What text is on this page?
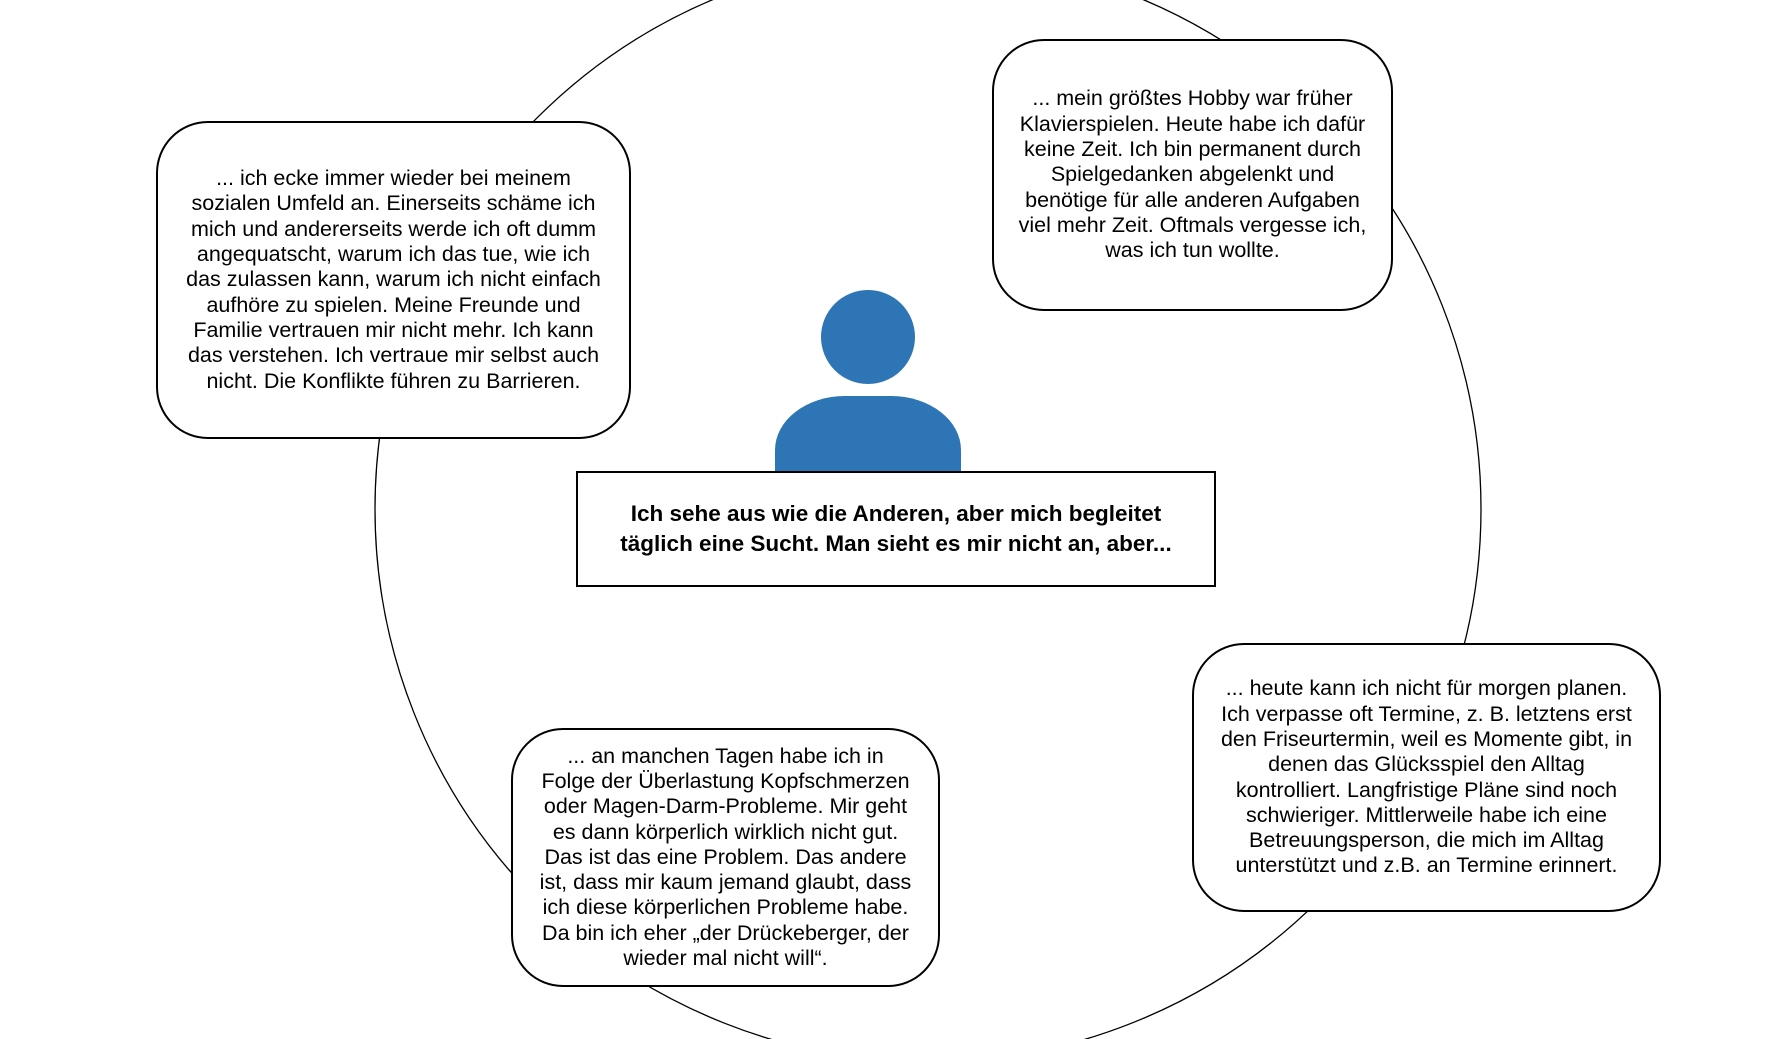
... ich ecke immer wieder bei meinem sozialen Umfeld an. Einerseits schäme ich mich und andererseits werde ich oft dumm angequatscht, warum ich das tue, wie ich das zulassen kann, warum ich nicht einfach aufhöre zu spielen. Meine Freunde und Familie vertrauen mir nicht mehr. Ich kann das verstehen. Ich vertraue mir selbst auch nicht. Die Konflikte führen zu Barrieren.
... mein größtes Hobby war früher Klavierspielen. Heute habe ich dafür keine Zeit. Ich bin permanent durch Spielgedanken abgelenkt und benötige für alle anderen Aufgaben viel mehr Zeit. Oftmals vergesse ich, was ich tun wollte.
... heute kann ich nicht für morgen planen. Ich verpasse oft Termine, z. B. letztens erst den Friseurtermin, weil es Momente gibt, in denen das Glücksspiel den Alltag kontrolliert. Langfristige Pläne sind noch schwieriger. Mittlerweile habe ich eine Betreuungsperson, die mich im Alltag unterstützt und z.B. an Termine erinnert.
... an manchen Tagen habe ich in Folge der Überlastung Kopfschmerzen oder Magen-Darm-Probleme. Mir geht es dann körperlich wirklich nicht gut. Das ist das eine Problem. Das andere ist, dass mir kaum jemand glaubt, dass ich diese körperlichen Probleme habe. Da bin ich eher „der Drückeberger, der wieder mal nicht will“.
Ich sehe aus wie die Anderen, aber mich begleitet täglich eine Sucht. Man sieht es mir nicht an, aber...
